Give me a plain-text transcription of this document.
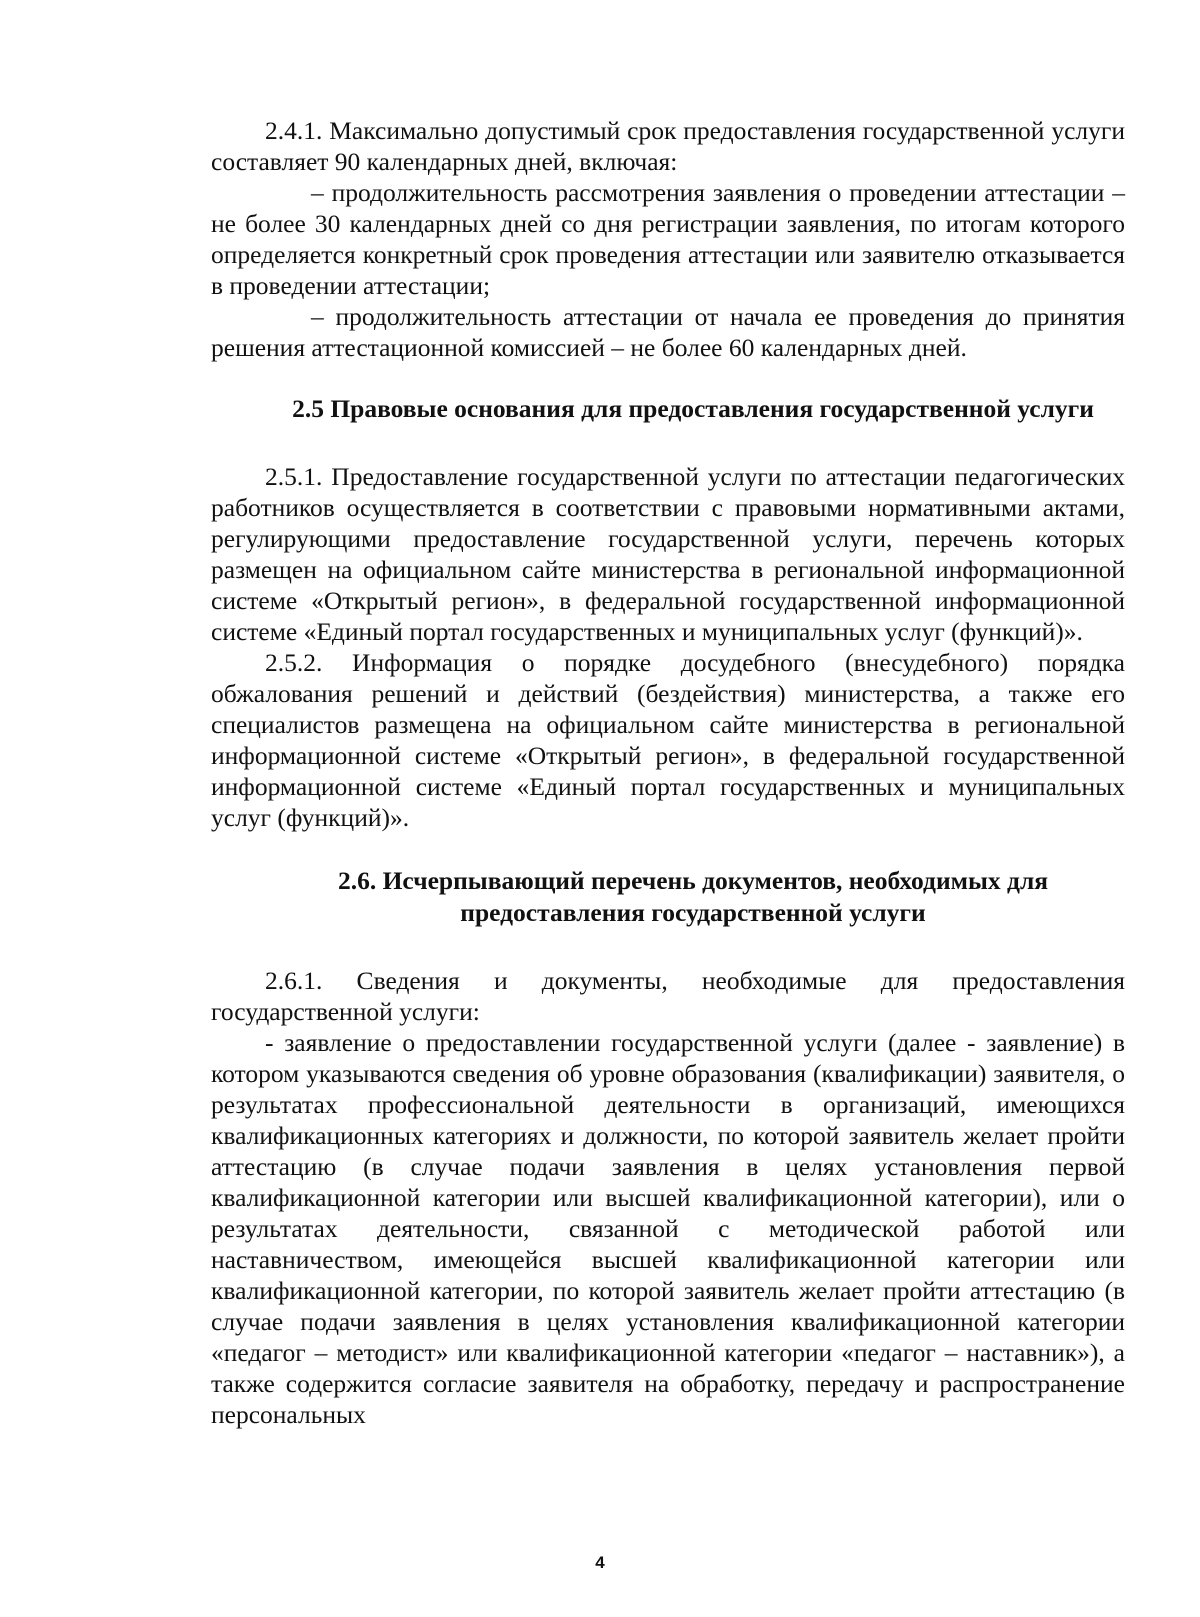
2.4.1. Максимально допустимый срок предоставления государственной услуги составляет 90 календарных дней, включая:

– продолжительность рассмотрения заявления о проведении аттестации – не более 30 календарных дней со дня регистрации заявления, по итогам которого определяется конкретный срок проведения аттестации или заявителю отказывается в проведении аттестации;

– продолжительность аттестации от начала ее проведения до принятия решения аттестационной комиссией – не более 60 календарных дней.

2.5 Правовые основания для предоставления государственной услуги

2.5.1. Предоставление государственной услуги по аттестации педагогических работников осуществляется в соответствии с правовыми нормативными актами, регулирующими предоставление государственной услуги, перечень которых размещен на официальном сайте министерства в региональной информационной системе «Открытый регион», в федеральной государственной информационной системе «Единый портал государственных и муниципальных услуг (функций)».

2.5.2. Информация о порядке досудебного (внесудебного) порядка обжалования решений и действий (бездействия) министерства, а также его специалистов размещена на официальном сайте министерства в региональной информационной системе «Открытый регион», в федеральной государственной информационной системе «Единый портал государственных и муниципальных услуг (функций)».

2.6. Исчерпывающий перечень документов, необходимых для предоставления государственной услуги

2.6.1. Сведения и документы, необходимые для предоставления государственной услуги:

- заявление о предоставлении государственной услуги (далее - заявление) в котором указываются сведения об уровне образования (квалификации) заявителя, о результатах профессиональной деятельности в организаций, имеющихся квалификационных категориях и должности, по которой заявитель желает пройти аттестацию (в случае подачи заявления в целях установления первой квалификационной категории или высшей квалификационной категории), или о результатах деятельности, связанной с методической работой или наставничеством, имеющейся высшей квалификационной категории или квалификационной категории, по которой заявитель желает пройти аттестацию (в случае подачи заявления в целях установления квалификационной категории «педагог – методист» или квалификационной категории «педагог – наставник»), а также содержится согласие заявителя на обработку, передачу и распространение персональных

4
